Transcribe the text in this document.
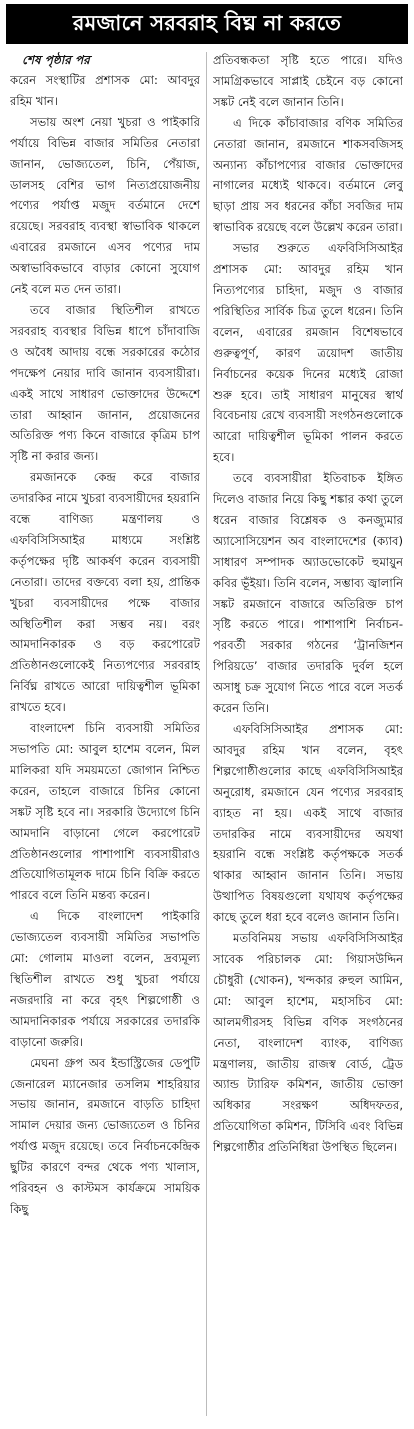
রমজানে সরবরাহ বিঘ্ন না করতে
শেষ পৃষ্ঠার পর

করেন সংস্থাটির প্রশাসক মো: আবদুর রহিম খান।

সভায় অংশ নেয়া খুচরা ও পাইকারি পর্যায়ে বিভিন্ন বাজার সমিতির নেতারা জানান, ভোজ্যতেল, চিনি, পেঁয়াজ, ডালসহ বেশির ভাগ নিত্যপ্রয়োজনীয় পণ্যের পর্যাপ্ত মজুদ বর্তমানে দেশে রয়েছে। সরবরাহ ব্যবস্থা স্বাভাবিক থাকলে এবারের রমজানে এসব পণ্যের দাম অস্বাভাবিকভাবে বাড়ার কোনো সুযোগ নেই বলে মত দেন তারা।

তবে বাজার স্থিতিশীল রাখতে সরবরাহ ব্যবস্থার বিভিন্ন ধাপে চাঁদাবাজি ও অবৈধ আদায় বন্ধে সরকারের কঠোর পদক্ষেপ নেয়ার দাবি জানান ব্যবসায়ীরা। একই সাথে সাধারণ ভোক্তাদের উদ্দেশে তারা আহ্বান জানান, প্রয়োজনের অতিরিক্ত পণ্য কিনে বাজারে কৃত্রিম চাপ সৃষ্টি না করার জন্য।

রমজানকে কেন্দ্র করে বাজার তদারকির নামে খুচরা ব্যবসায়ীদের হয়রানি বন্ধে বাণিজ্য মন্ত্রণালয় ও এফবিসিসিআইর মাধ্যমে সংশ্লিষ্ট কর্তৃপক্ষের দৃষ্টি আকর্ষণ করেন ব্যবসায়ী নেতারা। তাদের বক্তব্যে বলা হয়, প্রান্তিক খুচরা ব্যবসায়ীদের পক্ষে বাজার অস্থিতিশীল করা সম্ভব নয়। বরং আমদানিকারক ও বড় করপোরেট প্রতিষ্ঠানগুলোকেই নিত্যপণ্যের সরবরাহ নির্বিঘ্ন রাখতে আরো দায়িত্বশীল ভূমিকা রাখতে হবে।

বাংলাদেশ চিনি ব্যবসায়ী সমিতির সভাপতি মো: আবুল হাশেম বলেন, মিল মালিকরা যদি সময়মতো জোগান নিশ্চিত করেন, তাহলে বাজারে চিনির কোনো সঙ্কট সৃষ্টি হবে না। সরকারি উদ্যোগে চিনি আমদানি বাড়ানো গেলে করপোরেট প্রতিষ্ঠানগুলোর পাশাপাশি ব্যবসায়ীরাও প্রতিযোগিতামূলক দামে চিনি বিক্রি করতে পারবে বলে তিনি মন্তব্য করেন।

এ দিকে বাংলাদেশ পাইকারি ভোজ্যতেল ব্যবসায়ী সমিতির সভাপতি মো: গোলাম মাওলা বলেন, দ্রব্যমূল্য স্থিতিশীল রাখতে শুধু খুচরা পর্যায়ে নজরদারি না করে বৃহৎ শিল্পগোষ্ঠী ও আমদানিকারক পর্যায়ে সরকারের তদারকি বাড়ানো জরুরি।

মেঘনা গ্রুপ অব ইন্ডাস্ট্রিজের ডেপুটি জেনারেল ম্যানেজার তসলিম শাহরিয়ার সভায় জানান, রমজানে বাড়তি চাহিদা সামাল দেয়ার জন্য ভোজ্যতেল ও চিনির পর্যাপ্ত মজুদ রয়েছে। তবে নির্বাচনকেন্দ্রিক ছুটির কারণে বন্দর থেকে পণ্য খালাস, পরিবহন ও কাস্টমস কার্যক্রমে সাময়িক কিছু

প্রতিবন্ধকতা সৃষ্টি হতে পারে। যদিও সামগ্রিকভাবে সাপ্লাই চেইনে বড় কোনো সঙ্কট নেই বলে জানান তিনি।

এ দিকে কাঁচাবাজার বণিক সমিতির নেতারা জানান, রমজানে শাকসবজিসহ অন্যান্য কাঁচাপণ্যের বাজার ভোক্তাদের নাগালের মধ্যেই থাকবে। বর্তমানে লেবু ছাড়া প্রায় সব ধরনের কাঁচা সবজির দাম স্বাভাবিক রয়েছে বলে উল্লেখ করেন তারা।

সভার শুরুতে এফবিসিসিআইর প্রশাসক মো: আবদুর রহিম খান নিত্যপণ্যের চাহিদা, মজুদ ও বাজার পরিস্থিতির সার্বিক চিত্র তুলে ধরেন। তিনি বলেন, এবারের রমজান বিশেষভাবে গুরুত্বপূর্ণ, কারণ ত্রয়োদশ জাতীয় নির্বাচনের কয়েক দিনের মধ্যেই রোজা শুরু হবে। তাই সাধারণ মানুষের স্বার্থ বিবেচনায় রেখে ব্যবসায়ী সংগঠনগুলোকে আরো দায়িত্বশীল ভূমিকা পালন করতে হবে।

তবে ব্যবসায়ীরা ইতিবাচক ইঙ্গিত দিলেও বাজার নিয়ে কিছু শঙ্কার কথা তুলে ধরেন বাজার বিশ্লেষক ও কনজ্যুমার অ্যাসোসিয়েশন অব বাংলাদেশের (ক্যাব) সাধারণ সম্পাদক অ্যাডভোকেট হুমায়ুন কবির ভূঁইয়া। তিনি বলেন, সম্ভাব্য জ্বালানি সঙ্কট রমজানে বাজারে অতিরিক্ত চাপ সৃষ্টি করতে পারে। পাশাপাশি নির্বাচন-পরবর্তী সরকার গঠনের ‘ট্রানজিশন পিরিয়ডে’ বাজার তদারকি দুর্বল হলে অসাধু চক্র সুযোগ নিতে পারে বলে সতর্ক করেন তিনি।

এফবিসিসিআইর প্রশাসক মো: আবদুর রহিম খান বলেন, বৃহৎ শিল্পগোষ্ঠীগুলোর কাছে এফবিসিসিআইর অনুরোধ, রমজানে যেন পণ্যের সরবরাহ ব্যাহত না হয়। একই সাথে বাজার তদারকির নামে ব্যবসায়ীদের অযথা হয়রানি বন্ধে সংশ্লিষ্ট কর্তৃপক্ষকে সতর্ক থাকার আহ্বান জানান তিনি। সভায় উত্থাপিত বিষয়গুলো যথাযথ কর্তৃপক্ষের কাছে তুলে ধরা হবে বলেও জানান তিনি।

মতবিনিময় সভায় এফবিসিসিআইর সাবেক পরিচালক মো: গিয়াসউদ্দিন চৌধুরী (খোকন), খন্দকার রুহুল আমিন, মো: আবুল হাশেম, মহাসচিব মো: আলমগীরসহ বিভিন্ন বণিক সংগঠনের নেতা, বাংলাদেশ ব্যাংক, বাণিজ্য মন্ত্রণালয়, জাতীয় রাজস্ব বোর্ড, ট্রেড অ্যান্ড ট্যারিফ কমিশন, জাতীয় ভোক্তা অধিকার সংরক্ষণ অধিদফতর, প্রতিযোগিতা কমিশন, টিসিবি এবং বিভিন্ন শিল্পগোষ্ঠীর প্রতিনিধিরা উপস্থিত ছিলেন।
